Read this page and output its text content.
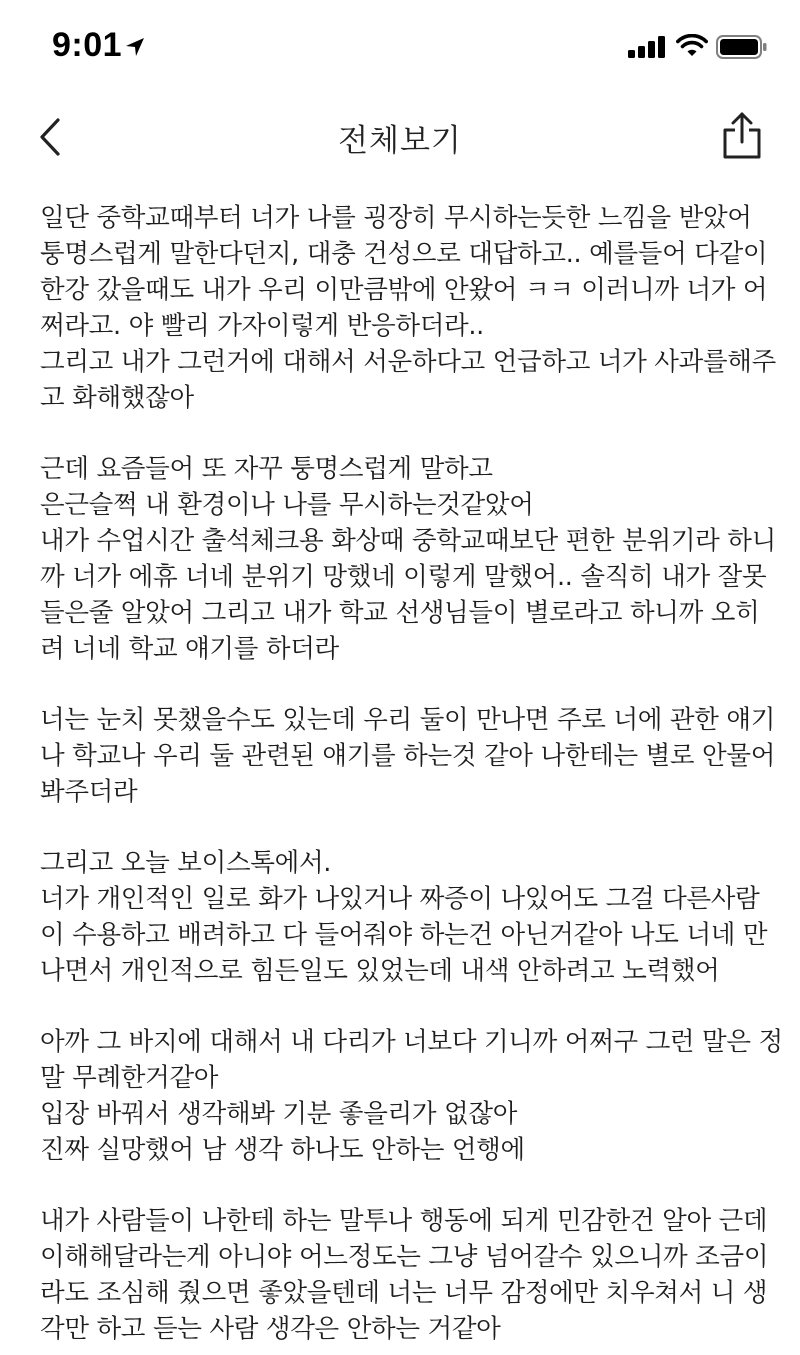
9:01
전체보기
일단 중학교때부터 너가 나를 굉장히 무시하는듯한 느낌을 받았어
퉁명스럽게 말한다던지, 대충 건성으로 대답하고.. 예를들어 다같이
한강 갔을때도 내가 우리 이만큼밖에 안왔어 ㅋㅋ 이러니까 너가 어
쩌라고. 야 빨리 가자이렇게 반응하더라..
그리고 내가 그런거에 대해서 서운하다고 언급하고 너가 사과를해주
고 화해했잖아
근데 요즘들어 또 자꾸 퉁명스럽게 말하고
은근슬쩍 내 환경이나 나를 무시하는것같았어
내가 수업시간 출석체크용 화상때 중학교때보단 편한 분위기라 하니
까 너가 에휴 너네 분위기 망했네 이렇게 말했어.. 솔직히 내가 잘못
들은줄 알았어 그리고 내가 학교 선생님들이 별로라고 하니까 오히
려 너네 학교 얘기를 하더라
너는 눈치 못챘을수도 있는데 우리 둘이 만나면 주로 너에 관한 얘기
나 학교나 우리 둘 관련된 얘기를 하는것 같아 나한테는 별로 안물어
봐주더라
그리고 오늘 보이스톡에서.
너가 개인적인 일로 화가 나있거나 짜증이 나있어도 그걸 다른사람
이 수용하고 배려하고 다 들어줘야 하는건 아닌거같아 나도 너네 만
나면서 개인적으로 힘든일도 있었는데 내색 안하려고 노력했어
아까 그 바지에 대해서 내 다리가 너보다 기니까 어쩌구 그런 말은 정
말 무례한거같아
입장 바꿔서 생각해봐 기분 좋을리가 없잖아
진짜 실망했어 남 생각 하나도 안하는 언행에
내가 사람들이 나한테 하는 말투나 행동에 되게 민감한건 알아 근데
이해해달라는게 아니야 어느정도는 그냥 넘어갈수 있으니까 조금이
라도 조심해 줬으면 좋았을텐데 너는 너무 감정에만 치우쳐서 니 생
각만 하고 듣는 사람 생각은 안하는 거같아
